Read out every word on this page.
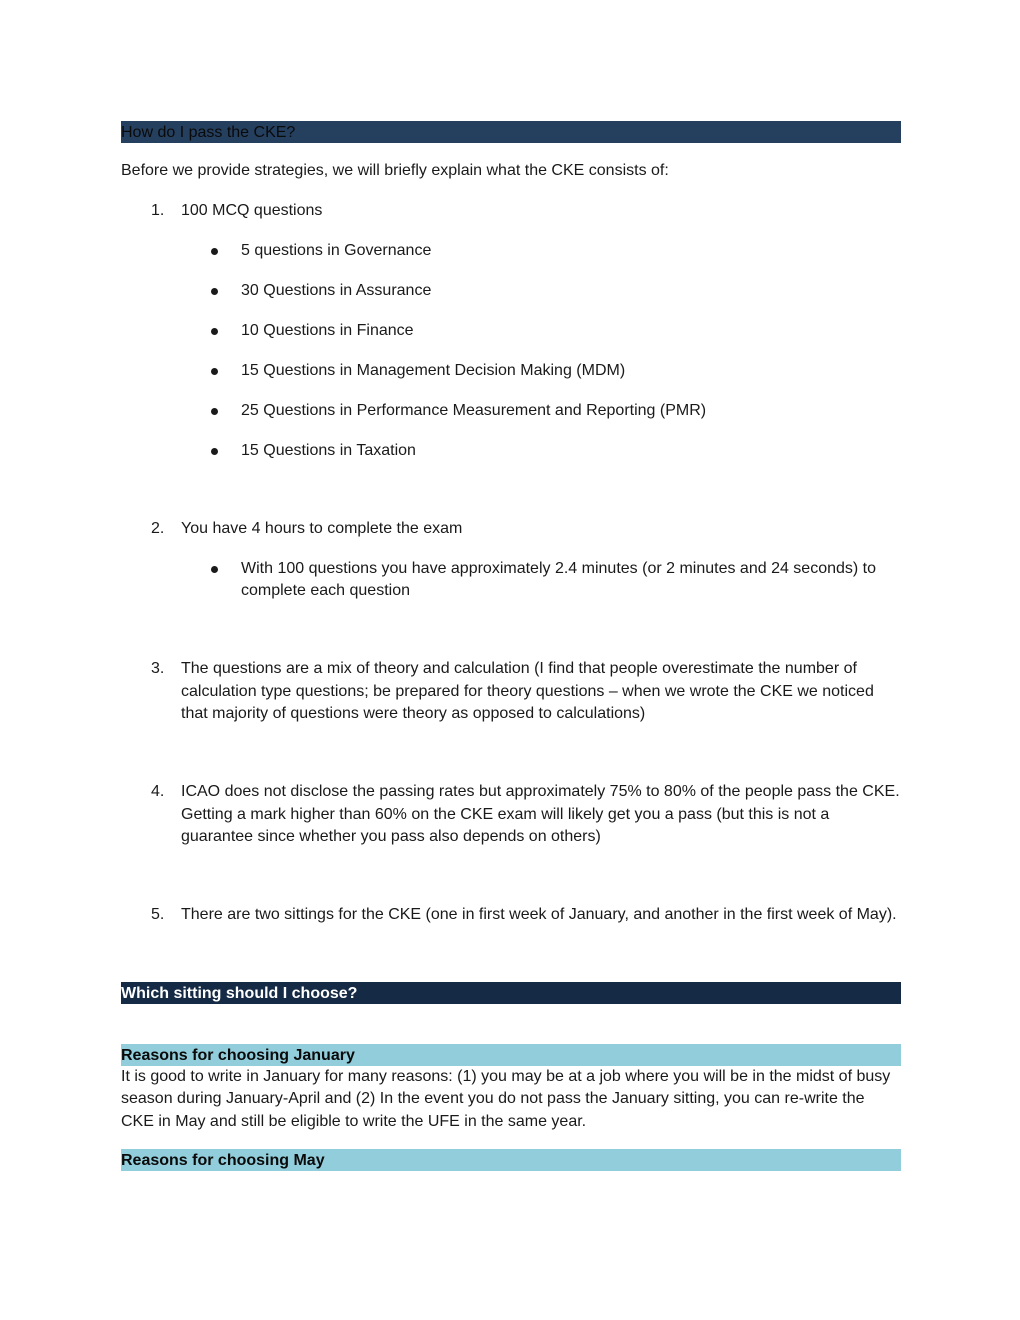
How do I pass the CKE?

Before we provide strategies, we will briefly explain what the CKE consists of:

1. 100 MCQ questions
5 questions in Governance
30 Questions in Assurance
10 Questions in Finance
15 Questions in Management Decision Making (MDM)
25 Questions in Performance Measurement and Reporting (PMR)
15 Questions in Taxation
2. You have 4 hours to complete the exam
With 100 questions you have approximately 2.4 minutes (or 2 minutes and 24 seconds) to complete each question
3. The questions are a mix of theory and calculation (I find that people overestimate the number of calculation type questions; be prepared for theory questions – when we wrote the CKE we noticed that majority of questions were theory as opposed to calculations)
4. ICAO does not disclose the passing rates but approximately 75% to 80% of the people pass the CKE. Getting a mark higher than 60% on the CKE exam will likely get you a pass (but this is not a guarantee since whether you pass also depends on others)
5. There are two sittings for the CKE (one in first week of January, and another in the first week of May).
Which sitting should I choose?
Reasons for choosing January

It is good to write in January for many reasons: (1) you may be at a job where you will be in the midst of busy season during January-April and (2) In the event you do not pass the January sitting, you can re-write the CKE in May and still be eligible to write the UFE in the same year.

Reasons for choosing May
